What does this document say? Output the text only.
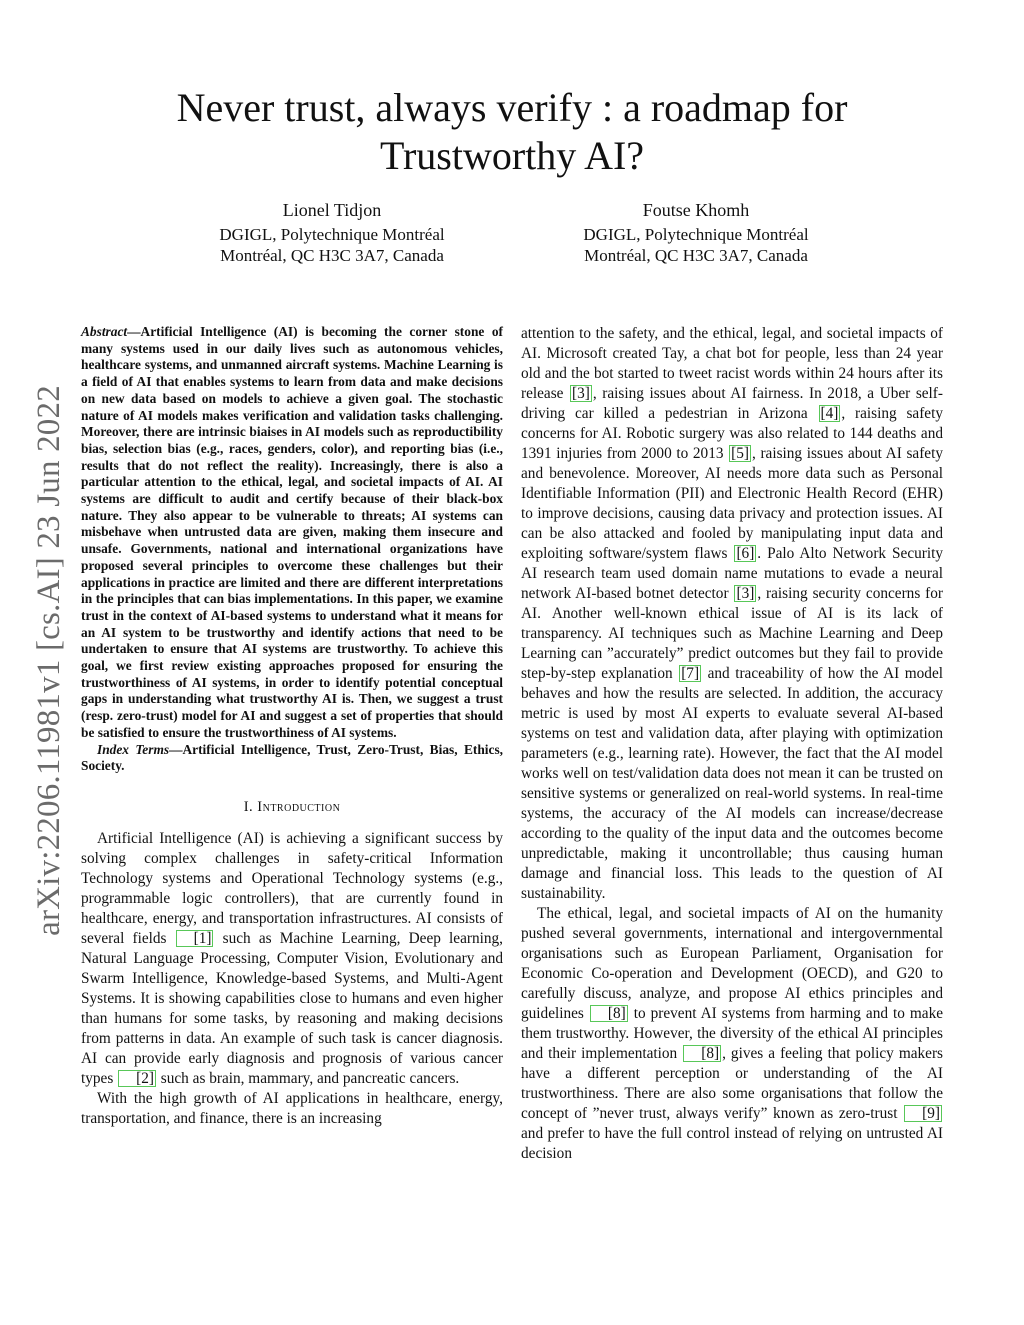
arXiv:2206.11981v1 [cs.AI] 23 Jun 2022
Never trust, always verify : a roadmap for Trustworthy AI?
Lionel Tidjon
DGIGL, Polytechnique Montréal
Montréal, QC H3C 3A7, Canada
Foutse Khomh
DGIGL, Polytechnique Montréal
Montréal, QC H3C 3A7, Canada

Abstract—Artificial Intelligence (AI) is becoming the corner stone of many systems used in our daily lives such as autonomous vehicles, healthcare systems, and unmanned aircraft systems. Machine Learning is a field of AI that enables systems to learn from data and make decisions on new data based on models to achieve a given goal. The stochastic nature of AI models makes verification and validation tasks challenging. Moreover, there are intrinsic biaises in AI models such as reproductibility bias, selection bias (e.g., races, genders, color), and reporting bias (i.e., results that do not reflect the reality). Increasingly, there is also a particular attention to the ethical, legal, and societal impacts of AI. AI systems are difficult to audit and certify because of their black-box nature. They also appear to be vulnerable to threats; AI systems can misbehave when untrusted data are given, making them insecure and unsafe. Governments, national and international organizations have proposed several principles to overcome these challenges but their applications in practice are limited and there are different interpretations in the principles that can bias implementations. In this paper, we examine trust in the context of AI-based systems to understand what it means for an AI system to be trustworthy and identify actions that need to be undertaken to ensure that AI systems are trustworthy. To achieve this goal, we first review existing approaches proposed for ensuring the trustworthiness of AI systems, in order to identify potential conceptual gaps in understanding what trustworthy AI is. Then, we suggest a trust (resp. zero-trust) model for AI and suggest a set of properties that should be satisfied to ensure the trustworthiness of AI systems.

Index Terms—Artificial Intelligence, Trust, Zero-Trust, Bias, Ethics, Society.

I. Introduction

Artificial Intelligence (AI) is achieving a significant success by solving complex challenges in safety-critical Information Technology systems and Operational Technology systems (e.g., programmable logic controllers), that are currently found in healthcare, energy, and transportation infrastructures. AI consists of several fields [1] such as Machine Learning, Deep learning, Natural Language Processing, Computer Vision, Evolutionary and Swarm Intelligence, Knowledge-based Systems, and Multi-Agent Systems. It is showing capabilities close to humans and even higher than humans for some tasks, by reasoning and making decisions from patterns in data. An example of such task is cancer diagnosis. AI can provide early diagnosis and prognosis of various cancer types [2] such as brain, mammary, and pancreatic cancers.

With the high growth of AI applications in healthcare, energy, transportation, and finance, there is an increasing

attention to the safety, and the ethical, legal, and societal impacts of AI. Microsoft created Tay, a chat bot for people, less than 24 year old and the bot started to tweet racist words within 24 hours after its release [3] , raising issues about AI fairness. In 2018, a Uber self-driving car killed a pedestrian in Arizona [4] , raising safety concerns for AI. Robotic surgery was also related to 144 deaths and 1391 injuries from 2000 to 2013 [5] , raising issues about AI safety and benevolence. Moreover, AI needs more data such as Personal Identifiable Information (PII) and Electronic Health Record (EHR) to improve decisions, causing data privacy and protection issues. AI can be also attacked and fooled by manipulating input data and exploiting software/system flaws [6] . Palo Alto Network Security AI research team used domain name mutations to evade a neural network AI-based botnet detector [3] , raising security concerns for AI. Another well-known ethical issue of AI is its lack of transparency. AI techniques such as Machine Learning and Deep Learning can ”accurately” predict outcomes but they fail to provide step-by-step explanation [7] and traceability of how the AI model behaves and how the results are selected. In addition, the accuracy metric is used by most AI experts to evaluate several AI-based systems on test and validation data, after playing with optimization parameters (e.g., learning rate). However, the fact that the AI model works well on test/validation data does not mean it can be trusted on sensitive systems or generalized on real-world systems. In real-time systems, the accuracy of the AI models can increase/decrease according to the quality of the input data and the outcomes become unpredictable, making it uncontrollable; thus causing human damage and financial loss. This leads to the question of AI sustainability.

The ethical, legal, and societal impacts of AI on the humanity pushed several governments, international and intergovernmental organisations such as European Parliament, Organisation for Economic Co-operation and Development (OECD), and G20 to carefully discuss, analyze, and propose AI ethics principles and guidelines [8] to prevent AI systems from harming and to make them trustworthy. However, the diversity of the ethical AI principles and their implementation [8] , gives a feeling that policy makers have a different perception or understanding of the AI trustworthiness. There are also some organisations that follow the concept of ”never trust, always verify” known as zero-trust [9] and prefer to have the full control instead of relying on untrusted AI decision
